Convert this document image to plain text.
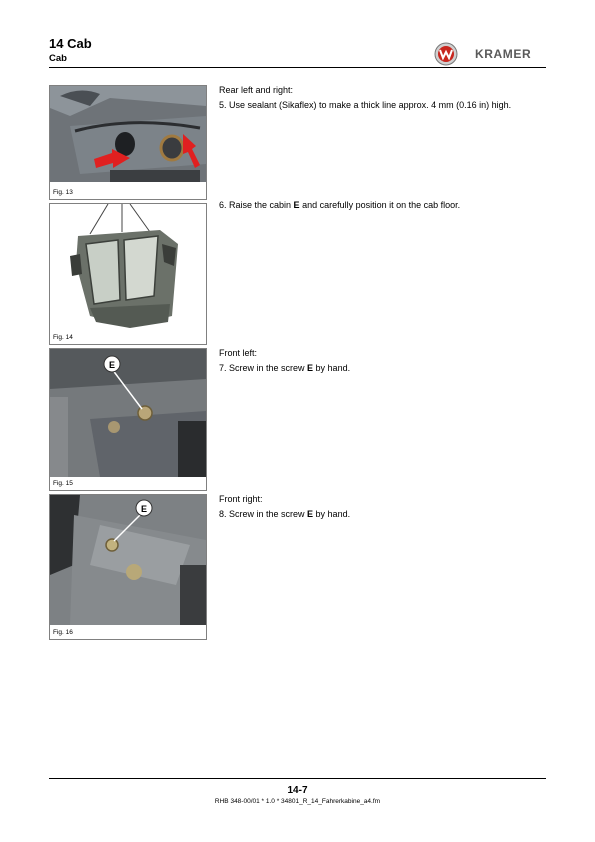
14 Cab
Cab	KRAMER
Fig. 13
Fig. 14
E
Fig. 15
E
Fig. 16
Rear left and right:
5. Use sealant (Sikaflex) to make a thick line approx. 4 mm (0.16 in) high.
6. Raise the cabin E and carefully position it on the cab floor.
Front left:
7. Screw in the screw E by hand.
Front right:
8. Screw in the screw E by hand.
14-7
RHB 348-00/01 * 1.0 * 34801_R_14_Fahrerkabine_a4.fm
